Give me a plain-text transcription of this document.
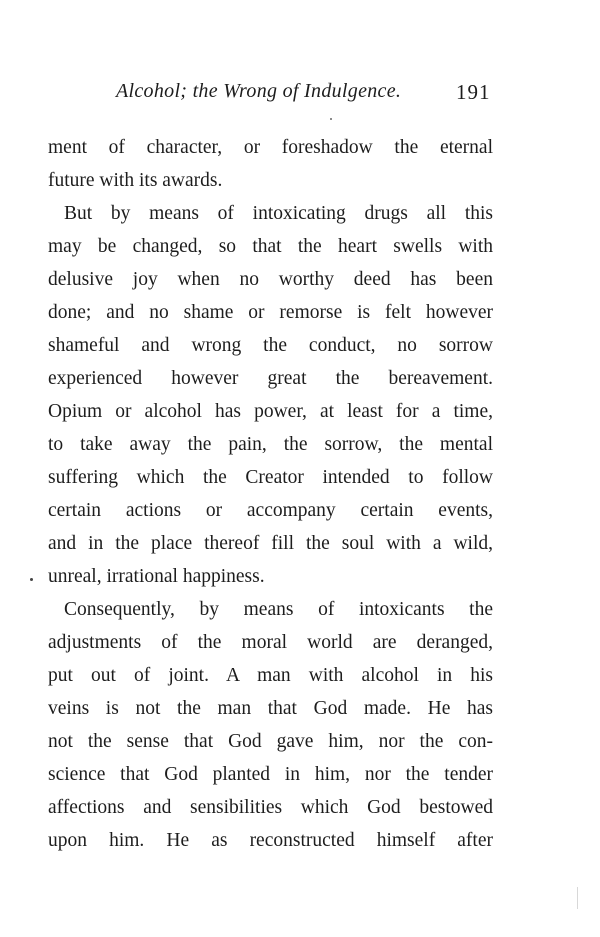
Alcohol; the Wrong of Indulgence.	191
ment of character, or foreshadow the eternal
future with its awards.
But by means of intoxicating drugs all this
may be changed, so that the heart swells with
delusive joy when no worthy deed has been
done; and no shame or remorse is felt however
shameful and wrong the conduct, no sorrow
experienced however great the bereavement.
Opium or alcohol has power, at least for a time,
to take away the pain, the sorrow, the mental
suffering which the Creator intended to follow
certain actions or accompany certain events,
and in the place thereof fill the soul with a wild,
unreal, irrational happiness.
Consequently, by means of intoxicants the
adjustments of the moral world are deranged,
put out of joint. A man with alcohol in his
veins is not the man that God made. He has
not the sense that God gave him, nor the con-
science that God planted in him, nor the tender
affections and sensibilities which God bestowed
upon him. He as reconstructed himself after
